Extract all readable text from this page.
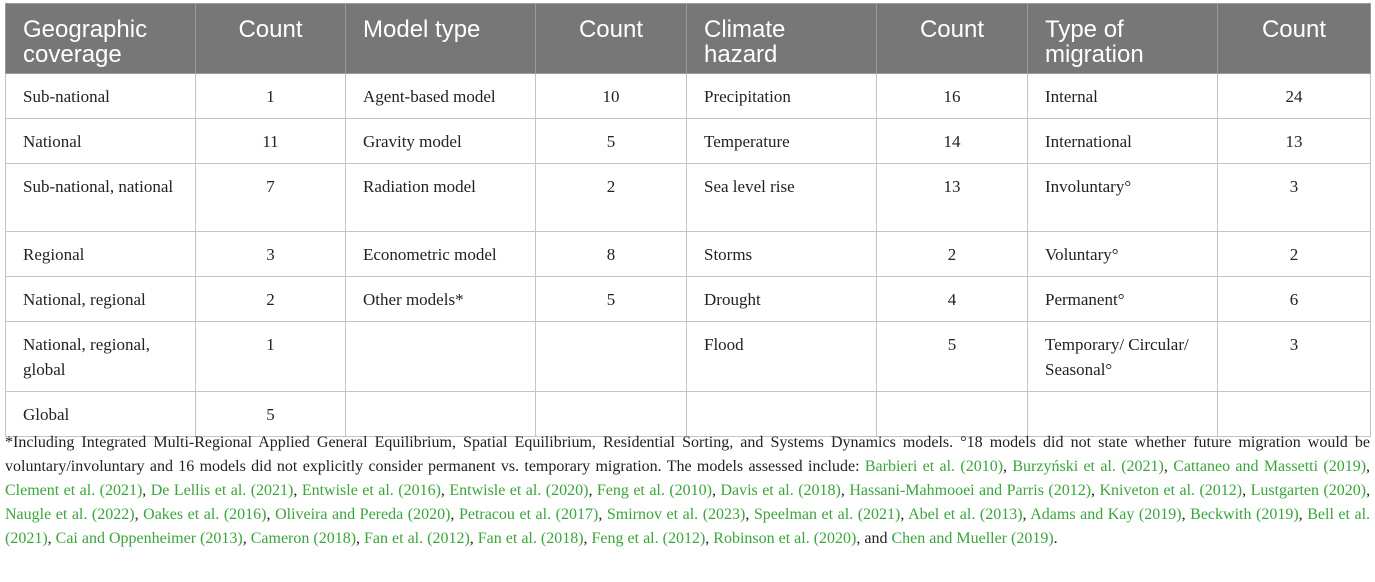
Geographic coverage	Count	Model type	Count	Climate hazard	Count	Type of migration	Count
Sub-national	1	Agent-based model	10	Precipitation	16	Internal	24
National	11	Gravity model	5	Temperature	14	International	13
Sub-national, national	7	Radiation model	2	Sea level rise	13	Involuntary°	3
Regional	3	Econometric model	8	Storms	2	Voluntary°	2
National, regional	2	Other models*	5	Drought	4	Permanent°	6
National, regional, global	1			Flood	5	Temporary/ Circular/ Seasonal°	3
Global	5						
*Including Integrated Multi-Regional Applied General Equilibrium, Spatial Equilibrium, Residential Sorting, and Systems Dynamics models. °18 models did not state whether future migration would be voluntary/involuntary and 16 models did not explicitly consider permanent vs. temporary migration. The models assessed include: Barbieri et al. (2010), Burzyński et al. (2021), Cattaneo and Massetti (2019), Clement et al. (2021), De Lellis et al. (2021), Entwisle et al. (2016), Entwisle et al. (2020), Feng et al. (2010), Davis et al. (2018), Hassani-Mahmooei and Parris (2012), Kniveton et al. (2012), Lustgarten (2020), Naugle et al. (2022), Oakes et al. (2016), Oliveira and Pereda (2020), Petracou et al. (2017), Smirnov et al. (2023), Speelman et al. (2021), Abel et al. (2013), Adams and Kay (2019), Beckwith (2019), Bell et al. (2021), Cai and Oppenheimer (2013), Cameron (2018), Fan et al. (2012), Fan et al. (2018), Feng et al. (2012), Robinson et al. (2020), and Chen and Mueller (2019).
